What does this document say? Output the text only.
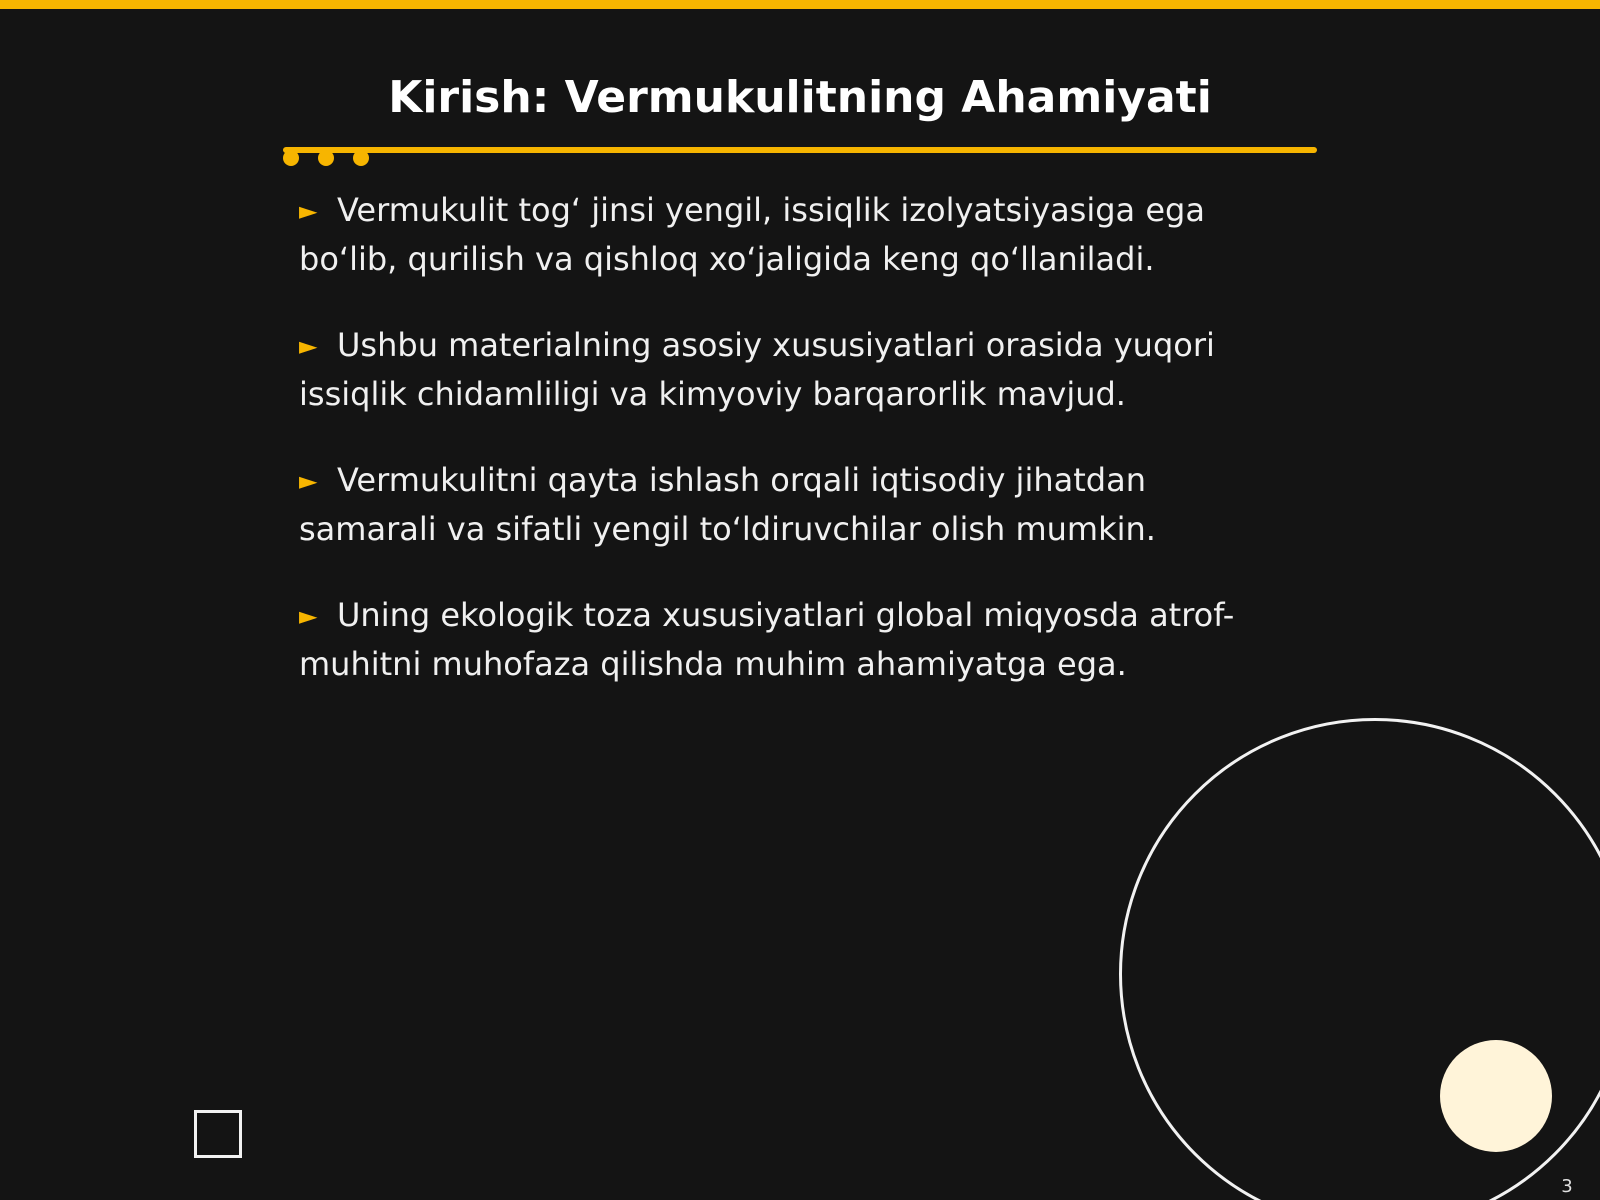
Kirish: Vermukulitning Ahamiyati
► Vermukulit tog‘ jinsi yengil, issiqlik izolyatsiyasiga ega bo‘lib, qurilish va qishloq xo‘jaligida keng qo‘llaniladi.
► Ushbu materialning asosiy xususiyatlari orasida yuqori issiqlik chidamliligi va kimyoviy barqarorlik mavjud.
► Vermukulitni qayta ishlash orqali iqtisodiy jihatdan samarali va sifatli yengil to‘ldiruvchilar olish mumkin.
► Uning ekologik toza xususiyatlari global miqyosda atrof-muhitni muhofaza qilishda muhim ahamiyatga ega.
3
